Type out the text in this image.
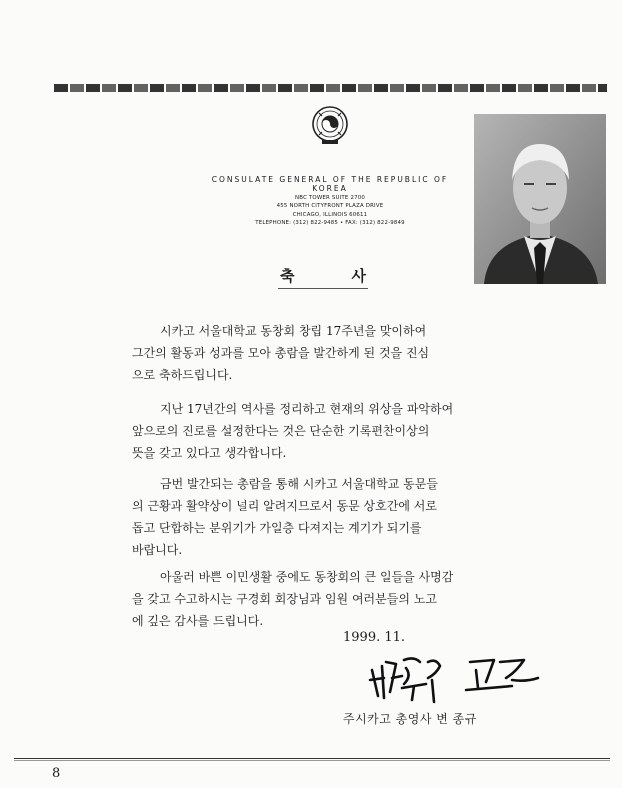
CONSULATE GENERAL OF THE REPUBLIC OF KOREA
NBC TOWER SUITE 2700
455 NORTH CITYFRONT PLAZA DRIVE
CHICAGO, ILLINOIS 60611
TELEPHONE: (312) 822-9485 • FAX: (312) 822-9849
축	사
시카고 서울대학교 동창회 창립 17주년을 맞이하여
그간의 활동과 성과를 모아 총람을 발간하게 된 것을 진심
으로 축하드립니다.
지난 17년간의 역사를 정리하고 현재의 위상을 파악하여
앞으로의 진로를 설정한다는 것은 단순한 기록편찬이상의
뜻을 갖고 있다고 생각합니다.
금번 발간되는 총람을 통해 시카고 서울대학교 동문들
의 근황과 활약상이 널리 알려지므로서 동문 상호간에 서로
돕고 단합하는 분위기가 가일층 다져지는 계기가 되기를
바랍니다.
아울러 바쁜 이민생활 중에도 동창회의 큰 일들을 사명감
을 갖고 수고하시는 구경회 회장님과 임원 여러분들의 노고
에 깊은 감사를 드립니다.
1999. 11.
주시카고 총영사 변 종규
8
